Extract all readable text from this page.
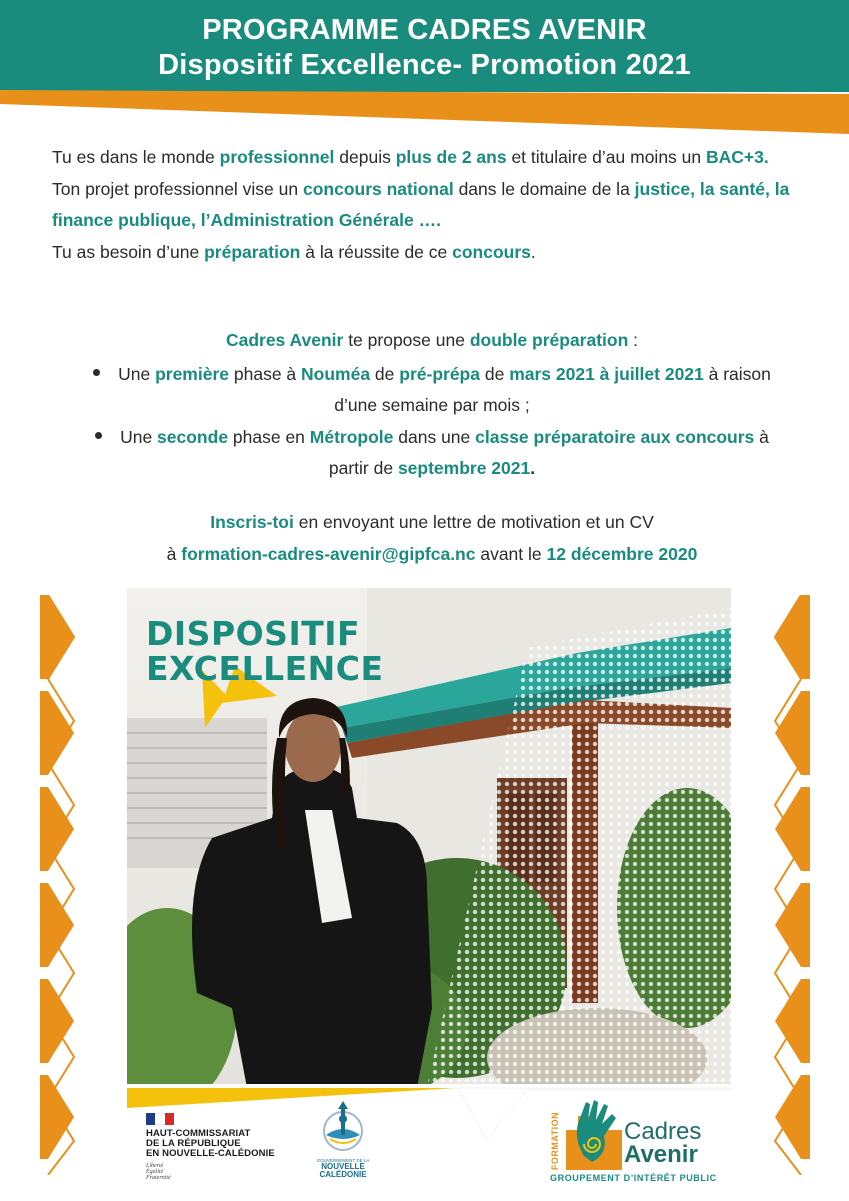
PROGRAMME CADRES AVENIR
Dispositif Excellence- Promotion 2021

Tu es dans le monde professionnel depuis plus de 2 ans et titulaire d’au moins un BAC+3.

Ton projet professionnel vise un concours national dans le domaine de la justice, la santé, la finance publique, l’Administration Générale ….

Tu as besoin d’une préparation à la réussite de ce concours.

Cadres Avenir te propose une double préparation :

Une première phase à Nouméa de pré-prépa de mars 2021 à juillet 2021 à raison d’une semaine par mois ;
Une seconde phase en Métropole dans une classe préparatoire aux concours à partir de septembre 2021.

Inscris-toi en envoyant une lettre de motivation et un CV

à formation-cadres-avenir@gipfca.nc avant le 12 décembre 2020

DISPOSITIF
EXCELLENCE
HAUT-COMMISSARIAT
DE LA RÉPUBLIQUE
EN NOUVELLE-CALÉDONIE
Liberté
Égalité
Fraternité
GOUVERNEMENT DE LA
NOUVELLE
CALÉDONIE
FORMATION	Cadres
Avenir
GROUPEMENT D’INTÉRÊT PUBLIC
